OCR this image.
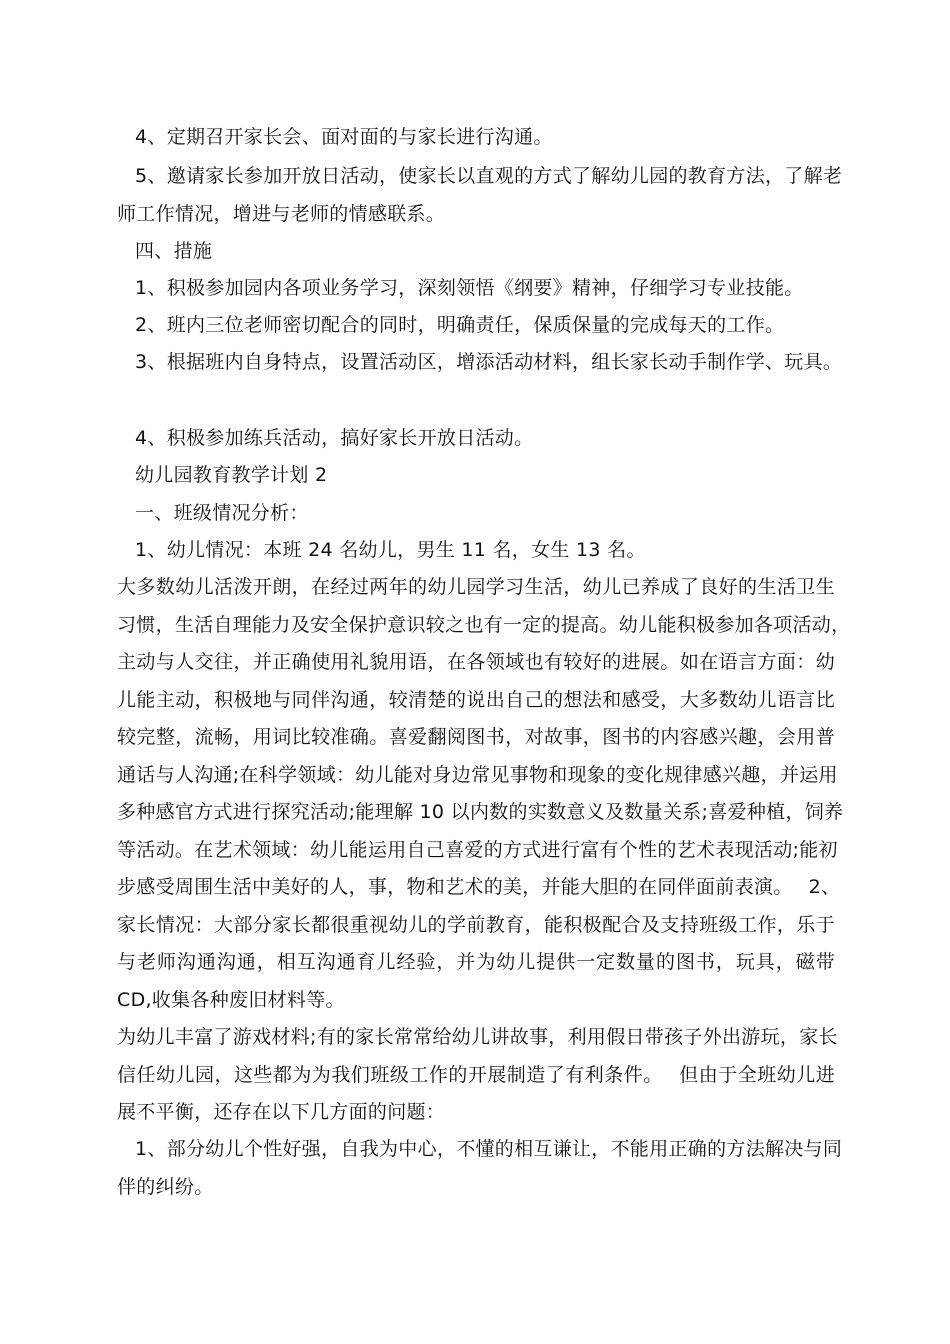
4、定期召开家长会、面对面的与家长进行沟通。
5、邀请家长参加开放日活动，使家长以直观的方式了解幼儿园的教育方法，了解老
师工作情况，增进与老师的情感联系。
四、措施
1、积极参加园内各项业务学习，深刻领悟《纲要》精神，仔细学习专业技能。
2、班内三位老师密切配合的同时，明确责任，保质保量的完成每天的工作。
3、根据班内自身特点，设置活动区，增添活动材料，组长家长动手制作学、玩具。
4、积极参加练兵活动，搞好家长开放日活动。
幼儿园教育教学计划 2
一、班级情况分析：
1、幼儿情况：本班 24 名幼儿，男生 11 名，女生 13 名。
大多数幼儿活泼开朗，在经过两年的幼儿园学习生活，幼儿已养成了良好的生活卫生
习惯，生活自理能力及安全保护意识较之也有一定的提高。幼儿能积极参加各项活动，
主动与人交往，并正确使用礼貌用语，在各领域也有较好的进展。如在语言方面：幼
儿能主动，积极地与同伴沟通，较清楚的说出自己的想法和感受，大多数幼儿语言比
较完整，流畅，用词比较准确。喜爱翻阅图书，对故事，图书的内容感兴趣，会用普
通话与人沟通;在科学领域：幼儿能对身边常见事物和现象的变化规律感兴趣，并运用
多种感官方式进行探究活动;能理解 10 以内数的实数意义及数量关系;喜爱种植，饲养
等活动。在艺术领域：幼儿能运用自己喜爱的方式进行富有个性的艺术表现活动;能初
步感受周围生活中美好的人，事，物和艺术的美，并能大胆的在同伴面前表演。　 2、
家长情况：大部分家长都很重视幼儿的学前教育，能积极配合及支持班级工作，乐于
与老师沟通沟通，相互沟通育儿经验，并为幼儿提供一定数量的图书，玩具，磁带
CD,收集各种废旧材料等。
为幼儿丰富了游戏材料;有的家长常常给幼儿讲故事，利用假日带孩子外出游玩，家长
信任幼儿园，这些都为为我们班级工作的开展制造了有利条件。　 但由于全班幼儿进
展不平衡，还存在以下几方面的问题：
1、部分幼儿个性好强，自我为中心，不懂的相互谦让，不能用正确的方法解决与同
伴的纠纷。
